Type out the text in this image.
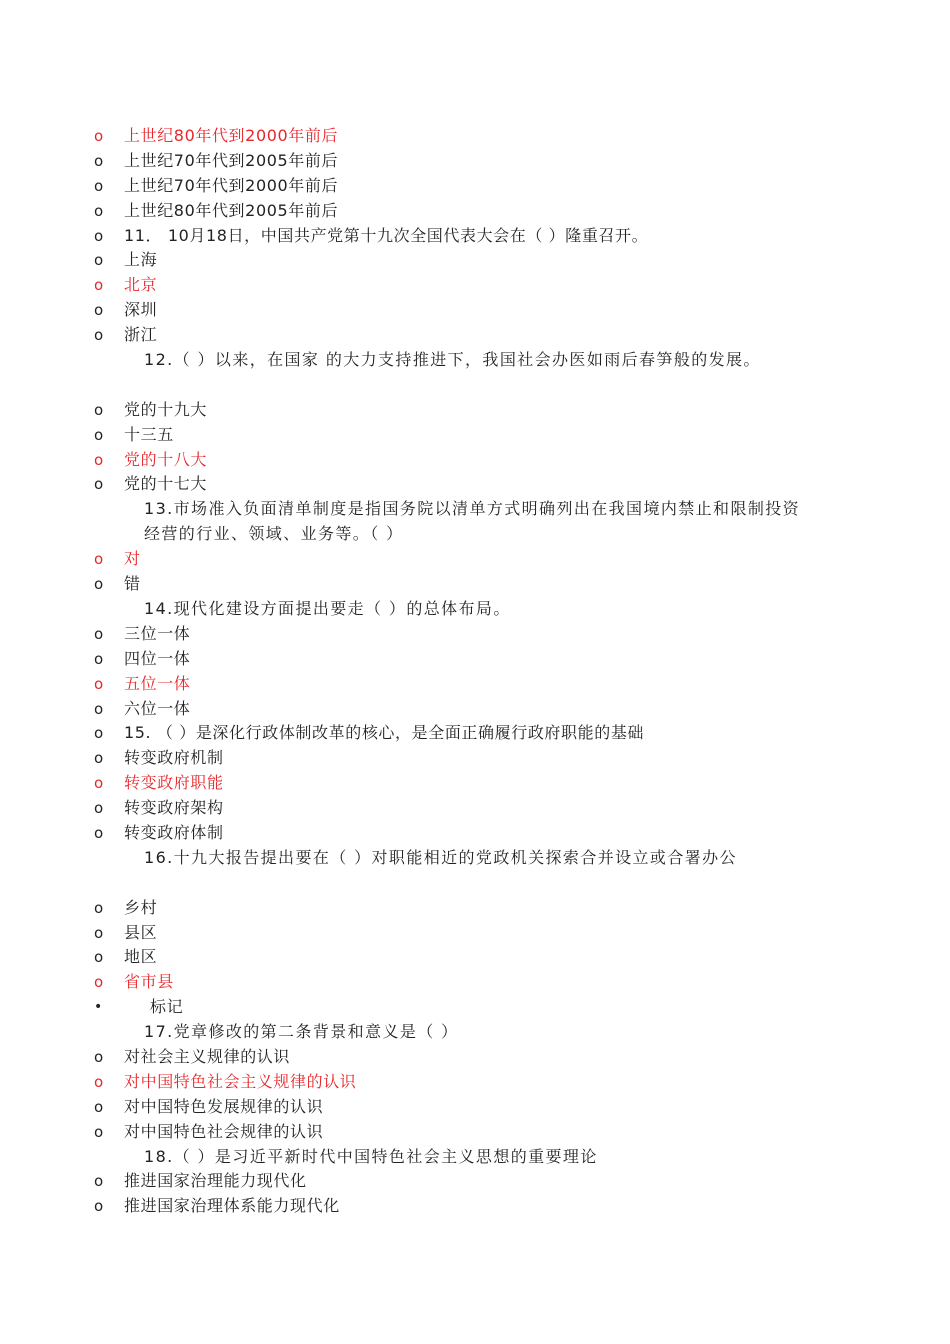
o	上世纪80年代到2000年前后
o	上世纪70年代到2005年前后
o	上世纪70年代到2000年前后
o	上世纪80年代到2005年前后
o	11． 10月18日，中国共产党第十九次全国代表大会在（ ）隆重召开。
o	上海
o	北京
o	深圳
o	浙江
12.（ ）以来，在国家 的大力支持推进下，我国社会办医如雨后春笋般的发展。
o	党的十九大
o	十三五
o	党的十八大
o	党的十七大
13.市场准入负面清单制度是指国务院以清单方式明确列出在我国境内禁止和限制投资经营的行业、领域、业务等。（ ）
o	对
o	错
14.现代化建设方面提出要走（ ）的总体布局。
o	三位一体
o	四位一体
o	五位一体
o	六位一体
o	15. （ ）是深化行政体制改革的核心，是全面正确履行政府职能的基础
o	转变政府机制
o	转变政府职能
o	转变政府架构
o	转变政府体制
16.十九大报告提出要在（ ）对职能相近的党政机关探索合并设立或合署办公
o	乡村
o	县区
o	地区
o	省市县
•	标记
17.党章修改的第二条背景和意义是（ ）
o	对社会主义规律的认识
o	对中国特色社会主义规律的认识
o	对中国特色发展规律的认识
o	对中国特色社会规律的认识
18.（ ）是习近平新时代中国特色社会主义思想的重要理论
o	推进国家治理能力现代化
o	推进国家治理体系能力现代化
